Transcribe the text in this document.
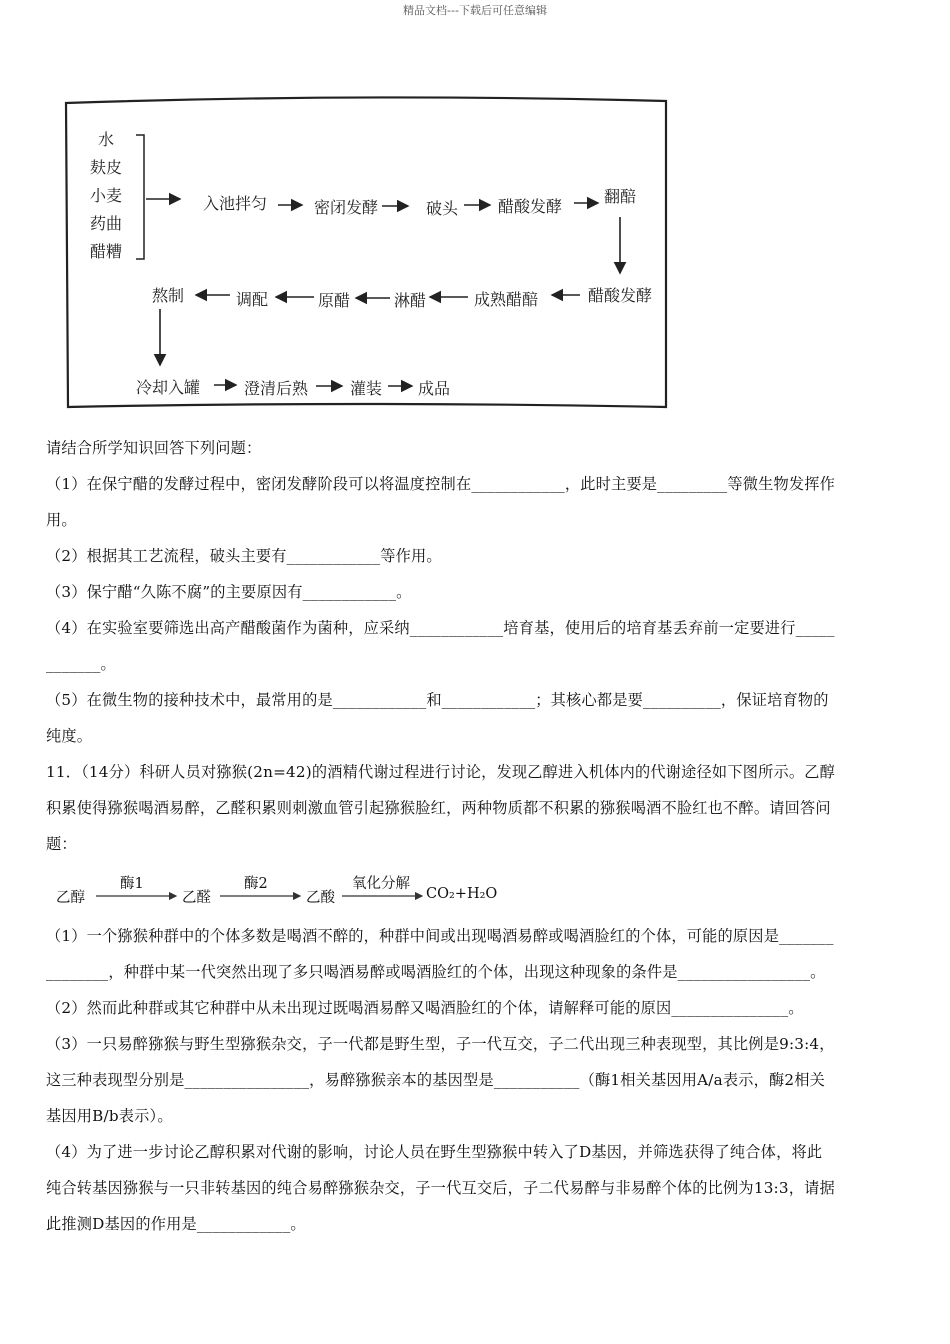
精品文档---下载后可任意编辑
水
麸皮
小麦
药曲
醋糟
入池拌匀	密闭发酵	破头 醋酸发酵
翻醅
醋酸发酵
成熟醋醅
淋醋
原醋
调配
熬制
冷却入罐	澄清后熟	灌装 成品

请结合所学知识回答下列问题：

（1）在保宁醋的发酵过程中，密闭发酵阶段可以将温度控制在____________，此时主要是_________等微生物发挥作

用。

（2）根据其工艺流程，破头主要有____________等作用。

（3）保宁醋“久陈不腐”的主要原因有____________。

（4）在实验室要筛选出高产醋酸菌作为菌种，应采纳____________培育基，使用后的培育基丢弃前一定要进行_____

_______。

（5）在微生物的接种技术中，最常用的是____________和____________；其核心都是要__________，保证培育物的

纯度。

11．（14分）科研人员对猕猴(2n=42)的酒精代谢过程进行讨论，发现乙醇进入机体内的代谢途径如下图所示。乙醇

积累使得猕猴喝酒易醉，乙醛积累则刺激血管引起猕猴脸红，两种物质都不积累的猕猴喝酒不脸红也不醉。请回答问

题：

乙醇	乙醛	乙酸	CO₂+H₂O
酶1	酶2	氧化分解

（1）一个猕猴种群中的个体多数是喝酒不醉的，种群中间或出现喝酒易醉或喝酒脸红的个体，可能的原因是_______

________，种群中某一代突然出现了多只喝酒易醉或喝酒脸红的个体，出现这种现象的条件是_________________。

（2）然而此种群或其它种群中从未出现过既喝酒易醉又喝酒脸红的个体，请解释可能的原因_______________。

（3）一只易醉猕猴与野生型猕猴杂交，子一代都是野生型，子一代互交，子二代出现三种表现型，其比例是9:3:4，

这三种表现型分别是________________，易醉猕猴亲本的基因型是___________（酶1相关基因用A/a表示，酶2相关

基因用B/b表示）。

（4）为了进一步讨论乙醇积累对代谢的影响，讨论人员在野生型猕猴中转入了D基因，并筛选获得了纯合体，将此

纯合转基因猕猴与一只非转基因的纯合易醉猕猴杂交，子一代互交后，子二代易醉与非易醉个体的比例为13:3，请据

此推测D基因的作用是____________。
